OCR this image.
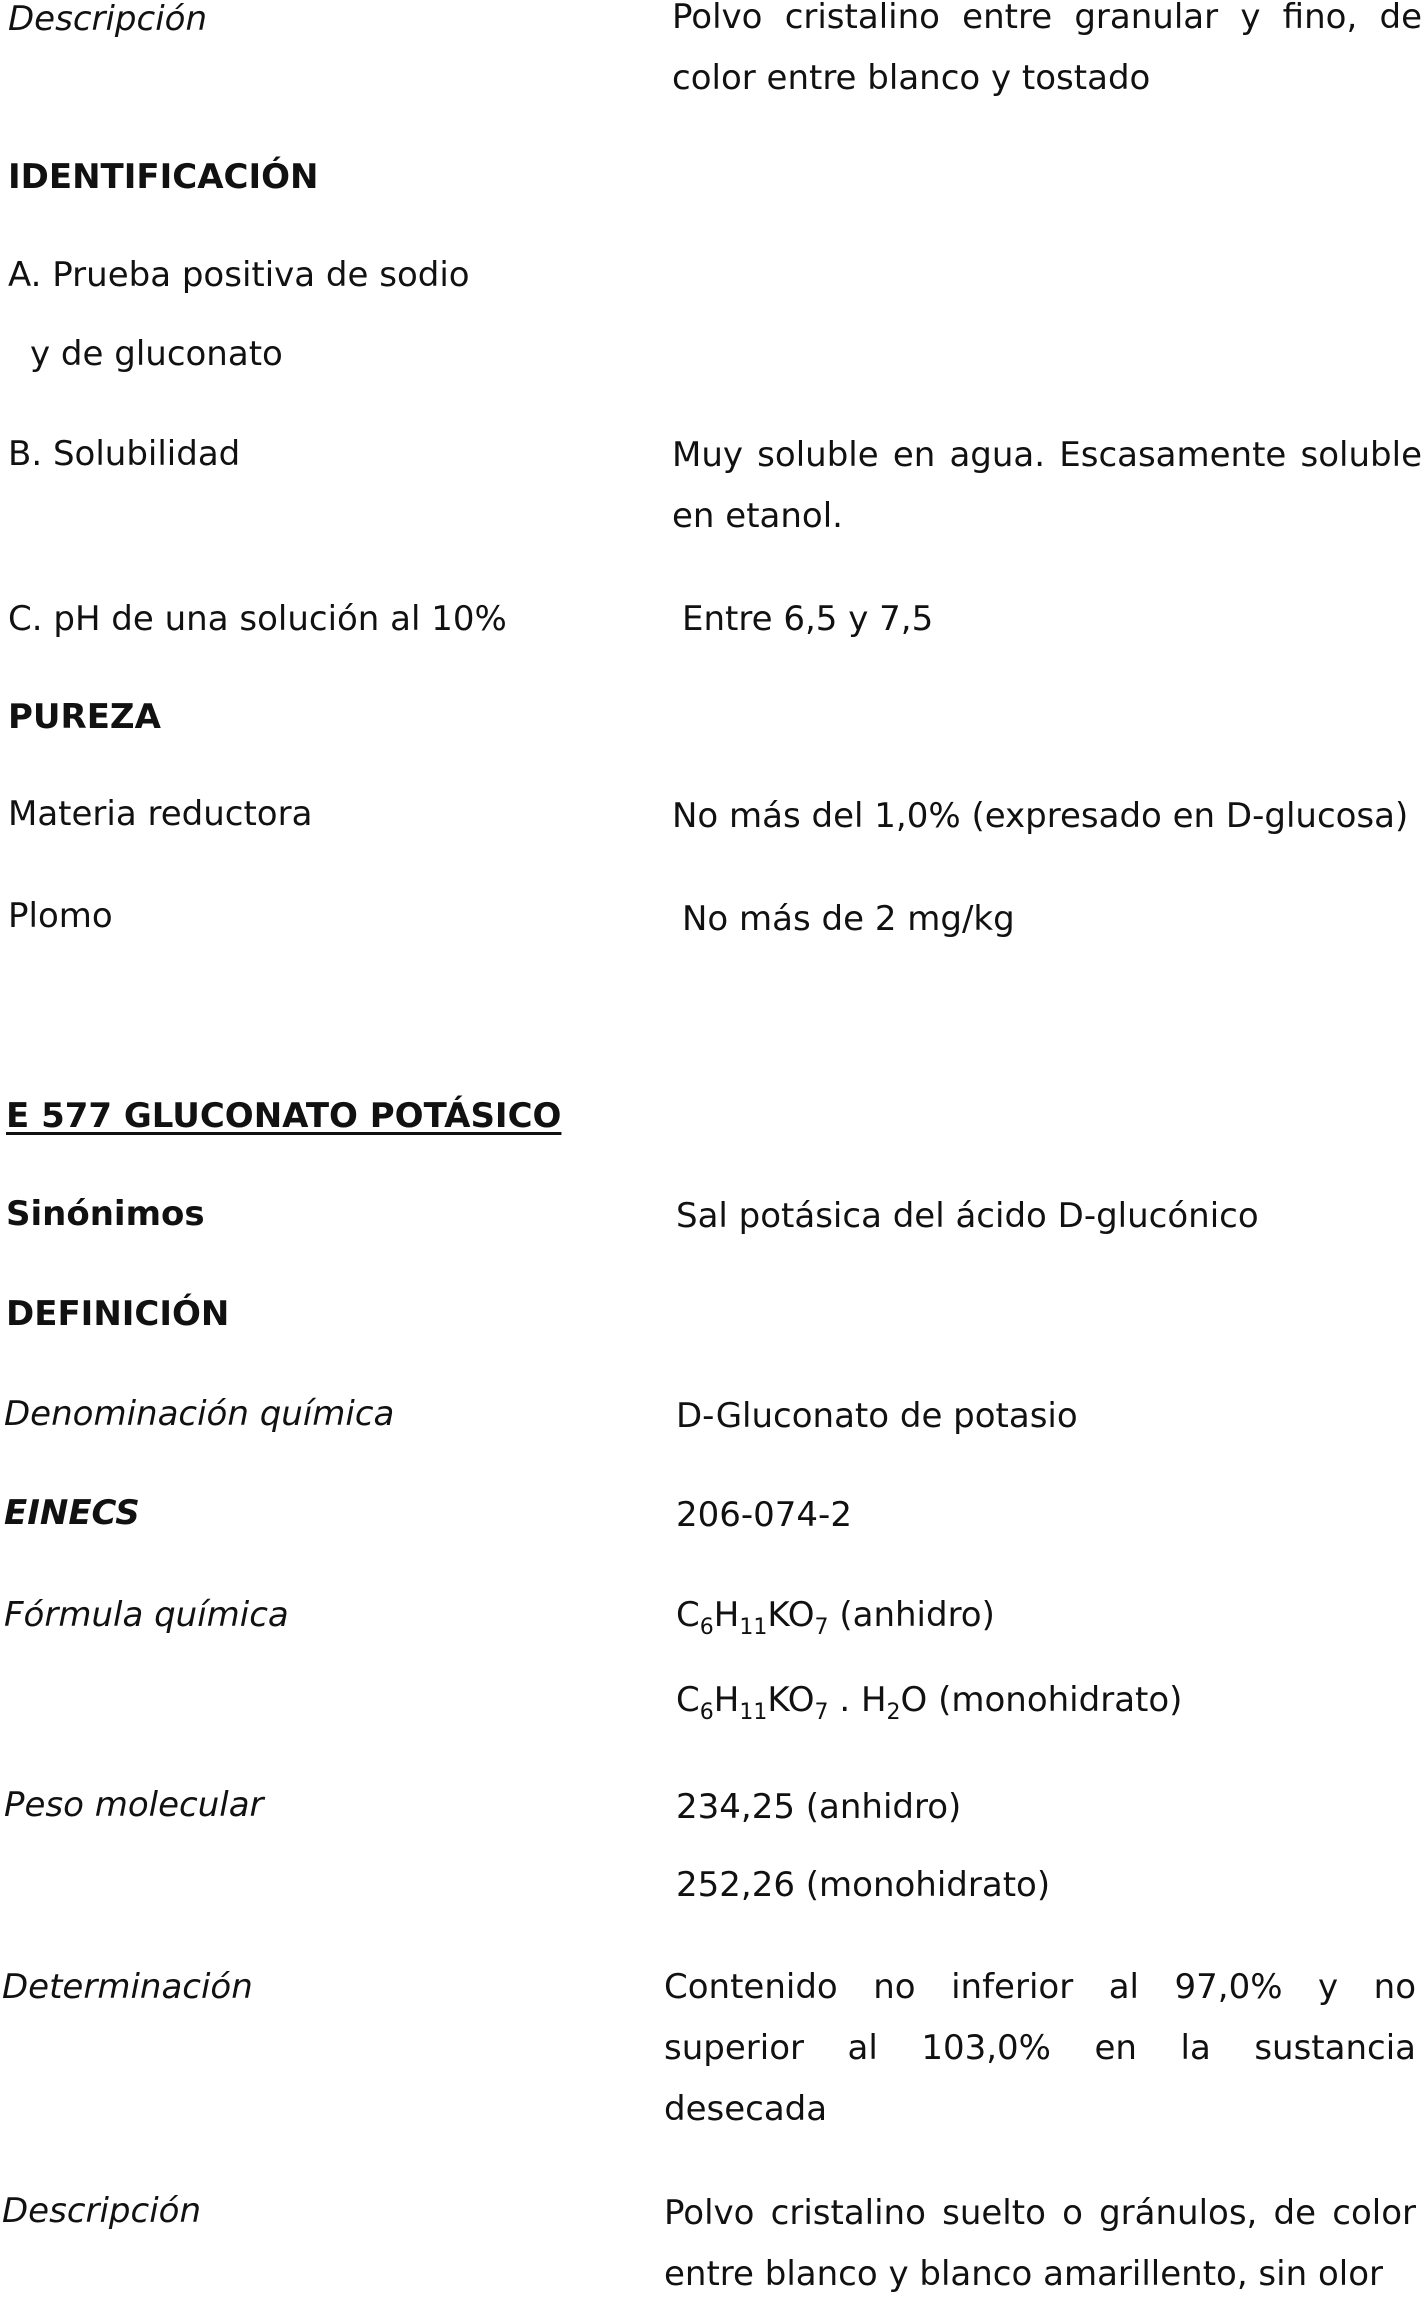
Descripción	Polvo cristalino entre granular y fino, de color entre blanco y tostado
IDENTIFICACIÓN
A. Prueba positiva de sodio
y de gluconato
B. Solubilidad	Muy soluble en agua. Escasamente soluble en etanol.
C. pH de una solución al 10%	Entre 6,5 y 7,5
PUREZA
Materia reductora	No más del 1,0% (expresado en D-glucosa)
Plomo	No más de 2 mg/kg
E 577 GLUCONATO POTÁSICO
Sinónimos	Sal potásica del ácido D-glucónico
DEFINICIÓN
Denominación química	D-Gluconato de potasio
EINECS	206-074-2
Fórmula química	$C_6H_{11}KO_7$ (anhidro)
$C_6H_{11}KO_7$ . $H_2O$ (monohidrato)
Peso molecular	234,25 (anhidro)
252,26 (monohidrato)
Determinación	Contenido no inferior al 97,0% y no superior al 103,0% en la sustancia desecada
Descripción	Polvo cristalino suelto o gránulos, de color entre blanco y blanco amarillento, sin olor
